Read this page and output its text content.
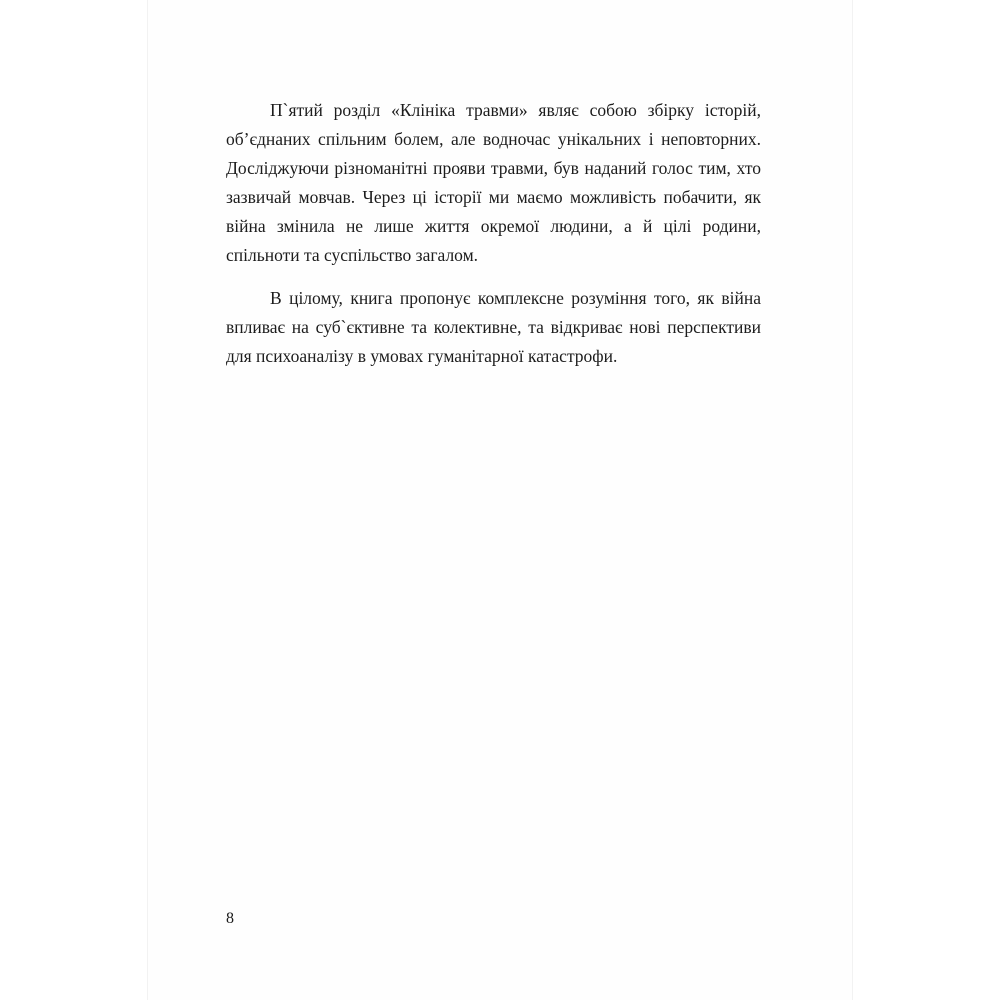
П`ятий розділ «Клініка травми» являє собою збірку історій, об’єднаних спільним болем, але водночас унікальних і неповторних. Досліджуючи різноманітні прояви травми, був наданий голос тим, хто зазвичай мовчав. Через ці історії ми маємо можливість побачити, як війна змінила не лише життя окремої людини, а й цілі родини, спільноти та суспільство загалом.

В цілому, книга пропонує комплексне розуміння того, як війна впливає на суб`єктивне та колективне, та відкриває нові перспективи для психоаналізу в умовах гуманітарної катастрофи.

8
